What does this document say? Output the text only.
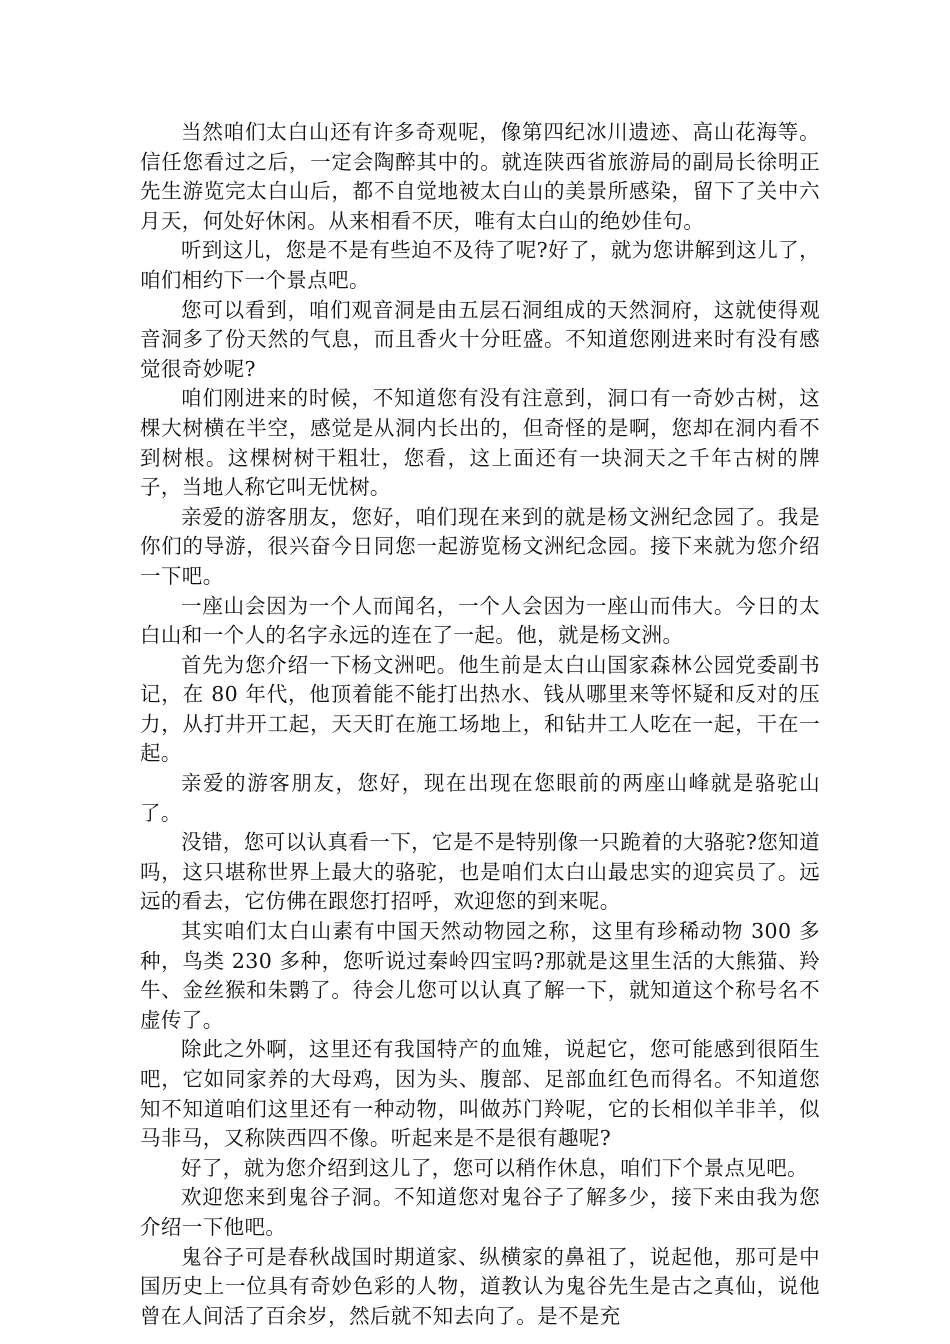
当然咱们太白山还有许多奇观呢，像第四纪冰川遗迹、高山花海等。信任您看过之后，一定会陶醉其中的。就连陕西省旅游局的副局长徐明正先生游览完太白山后，都不自觉地被太白山的美景所感染，留下了关中六月天，何处好休闲。从来相看不厌，唯有太白山的绝妙佳句。

听到这儿，您是不是有些迫不及待了呢?好了，就为您讲解到这儿了，咱们相约下一个景点吧。

您可以看到，咱们观音洞是由五层石洞组成的天然洞府，这就使得观音洞多了份天然的气息，而且香火十分旺盛。不知道您刚进来时有没有感觉很奇妙呢?

咱们刚进来的时候，不知道您有没有注意到，洞口有一奇妙古树，这棵大树横在半空，感觉是从洞内长出的，但奇怪的是啊，您却在洞内看不到树根。这棵树树干粗壮，您看，这上面还有一块洞天之千年古树的牌子，当地人称它叫无忧树。

亲爱的游客朋友，您好，咱们现在来到的就是杨文洲纪念园了。我是你们的导游，很兴奋今日同您一起游览杨文洲纪念园。接下来就为您介绍一下吧。

一座山会因为一个人而闻名，一个人会因为一座山而伟大。今日的太白山和一个人的名字永远的连在了一起。他，就是杨文洲。

首先为您介绍一下杨文洲吧。他生前是太白山国家森林公园党委副书记，在 80 年代，他顶着能不能打出热水、钱从哪里来等怀疑和反对的压力，从打井开工起，天天盯在施工场地上，和钻井工人吃在一起，干在一起。

亲爱的游客朋友，您好，现在出现在您眼前的两座山峰就是骆驼山了。

没错，您可以认真看一下，它是不是特别像一只跪着的大骆驼?您知道吗，这只堪称世界上最大的骆驼，也是咱们太白山最忠实的迎宾员了。远远的看去，它仿佛在跟您打招呼，欢迎您的到来呢。

其实咱们太白山素有中国天然动物园之称，这里有珍稀动物 300 多种，鸟类 230 多种，您听说过秦岭四宝吗?那就是这里生活的大熊猫、羚牛、金丝猴和朱鹮了。待会儿您可以认真了解一下，就知道这个称号名不虚传了。

除此之外啊，这里还有我国特产的血雉，说起它，您可能感到很陌生吧，它如同家养的大母鸡，因为头、腹部、足部血红色而得名。不知道您知不知道咱们这里还有一种动物，叫做苏门羚呢，它的长相似羊非羊，似马非马，又称陕西四不像。听起来是不是很有趣呢?

好了，就为您介绍到这儿了，您可以稍作休息，咱们下个景点见吧。

欢迎您来到鬼谷子洞。不知道您对鬼谷子了解多少，接下来由我为您介绍一下他吧。

鬼谷子可是春秋战国时期道家、纵横家的鼻祖了，说起他，那可是中国历史上一位具有奇妙色彩的人物，道教认为鬼谷先生是古之真仙，说他曾在人间活了百余岁，然后就不知去向了。是不是充
